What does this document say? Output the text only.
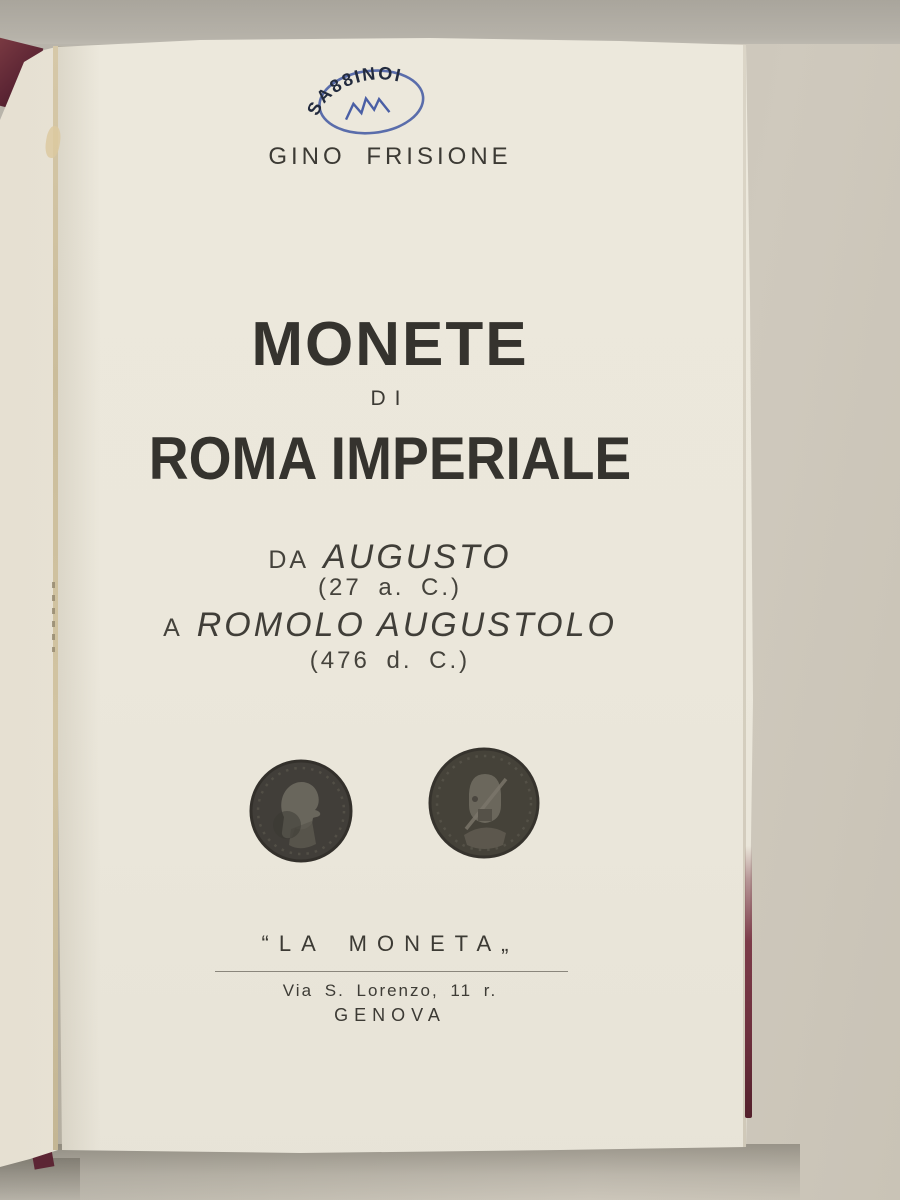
SA88INOI
GINO FRISIONE
MONETE
DI
ROMA IMPERIALE
DA AUGUSTO
(27 a. C.)
A ROMOLO AUGUSTOLO
(476 d. C.)
“LA MONETA„
Via S. Lorenzo, 11 r.
GENOVA
